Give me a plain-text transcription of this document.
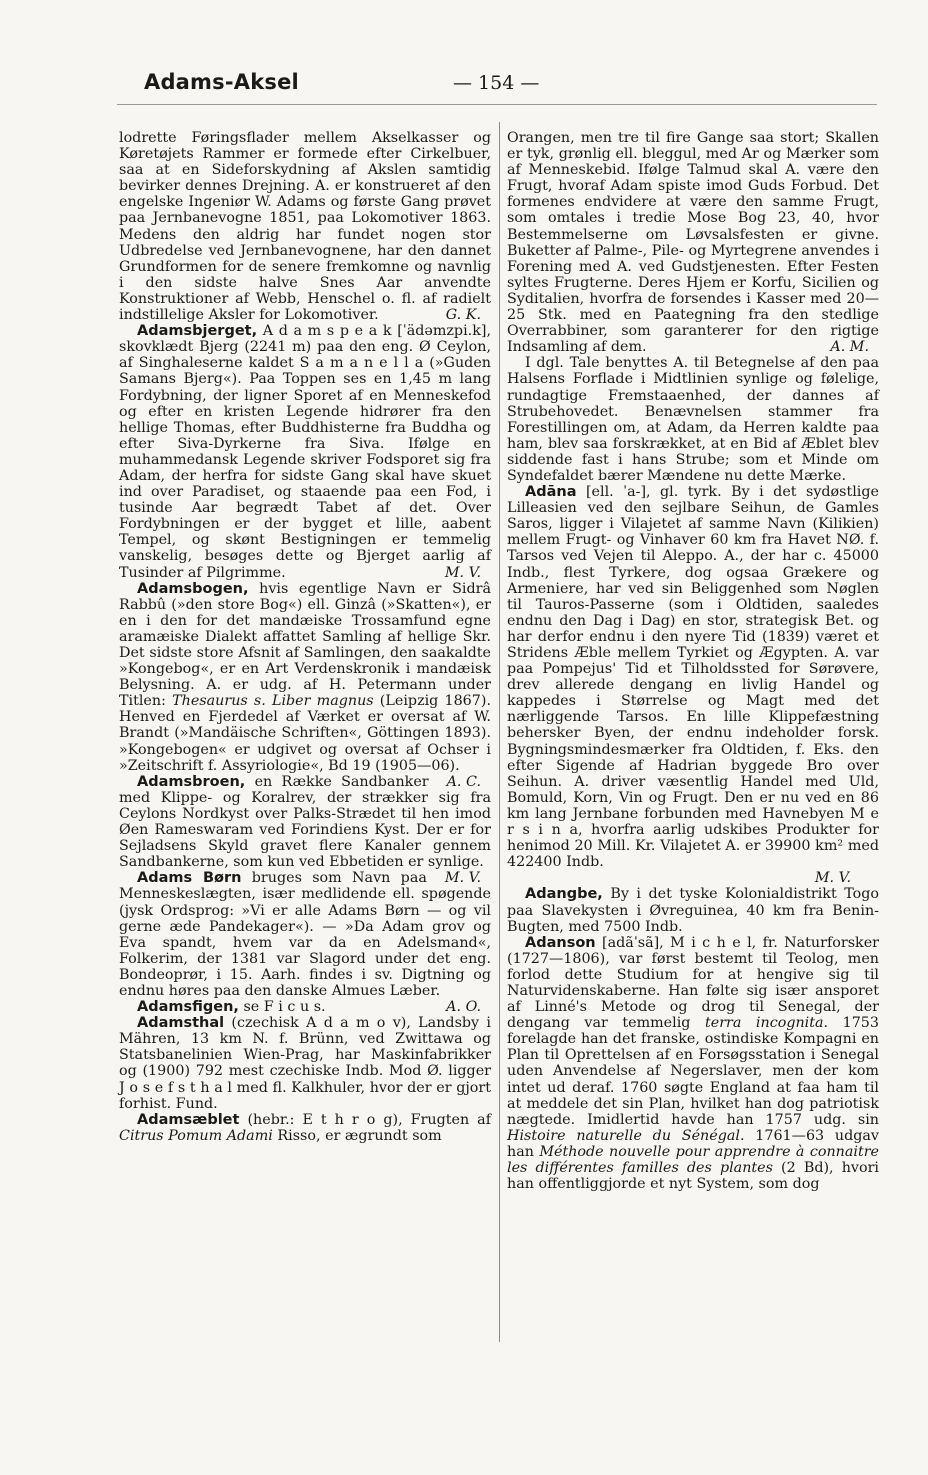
Adams-Aksel	— 154 —

lodrette Føringsflader mellem Akselkasser og Køretøjets Rammer er formede efter Cirkelbuer, saa at en Sideforskydning af Akslen samtidig bevirker dennes Drejning. A. er konstrueret af den engelske Ingeniør W. Adams og første Gang prøvet paa Jernbanevogne 1851, paa Lokomotiver 1863. Medens den aldrig har fundet nogen stor Udbredelse ved Jernbanevognene, har den dannet Grundformen for de senere fremkomne og navnlig i den sidste halve Snes Aar anvendte Konstruktioner af Webb, Henschel o. fl. af radielt indstillelige Aksler for Lokomotiver.	G. K.

Adamsbjerget, A d a m s p e a k [ˈädəmzpi.k], skovklædt Bjerg (2241 m) paa den eng. Ø Ceylon, af Singhaleserne kaldet S a m a n e l l a (»Guden Samans Bjerg«). Paa Toppen ses en 1,45 m lang Fordybning, der ligner Sporet af en Menneskefod og efter en kristen Legende hidrører fra den hellige Thomas, efter Buddhisterne fra Buddha og efter Siva-Dyrkerne fra Siva. Ifølge en muhammedansk Legende skriver Fodsporet sig fra Adam, der herfra for sidste Gang skal have skuet ind over Paradiset, og staaende paa een Fod, i tusinde Aar begrædt Tabet af det. Over Fordybningen er der bygget et lille, aabent Tempel, og skønt Bestigningen er temmelig vanskelig, besøges dette og Bjerget aarlig af Tusinder af Pilgrimme.	M. V.

Adamsbogen, hvis egentlige Navn er Sidrâ Rabbû (»den store Bog«) ell. Ginzâ (»Skatten«), er en i den for det mandæiske Trossamfund egne aramæiske Dialekt affattet Samling af hellige Skr. Det sidste store Afsnit af Samlingen, den saakaldte »Kongebog«, er en Art Verdenskronik i mandæisk Belysning. A. er udg. af H. Petermann under Titlen: Thesaurus s. Liber magnus (Leipzig 1867). Henved en Fjerdedel af Værket er oversat af W. Brandt (»Mandäische Schriften«, Göttingen 1893). »Kongebogen« er udgivet og oversat af Ochser i »Zeitschrift f. Assyriologie«, Bd 19 (1905—06).
A. C.

Adamsbroen, en Række Sandbanker med Klippe- og Koralrev, der strækker sig fra Ceylons Nordkyst over Palks-Strædet til hen imod Øen Rameswaram ved Forindiens Kyst. Der er for Sejladsens Skyld gravet flere Kanaler gennem Sandbankerne, som kun ved Ebbetiden er synlige.
M. V.

Adams Børn bruges som Navn paa Menneskeslægten, især medlidende ell. spøgende (jysk Ordsprog: »Vi er alle Adams Børn — og vil gerne æde Pandekager«). — »Da Adam grov og Eva spandt, hvem var da en Adelsmand«, Folkerim, der 1381 var Slagord under det eng. Bondeoprør, i 15. Aarh. findes i sv. Digtning og endnu høres paa den danske Almues Læber.
A. O.

Adamsfigen, se F i c u s.

Adamsthal (czechisk A d a m o v), Landsby i Mähren, 13 km N. f. Brünn, ved Zwittawa og Statsbanelinien Wien-Prag, har Maskinfabrikker og (1900) 792 mest czechiske Indb. Mod Ø. ligger J o s e f s t h a l med fl. Kalkhuler, hvor der er gjort forhist. Fund.

Adamsæblet (hebr.: E t h r o g), Frugten af Citrus Pomum Adami Risso, er ægrundt som

Orangen, men tre til fire Gange saa stort; Skallen er tyk, grønlig ell. bleggul, med Ar og Mærker som af Menneskebid. Ifølge Talmud skal A. være den Frugt, hvoraf Adam spiste imod Guds Forbud. Det formenes endvidere at være den samme Frugt, som omtales i tredie Mose Bog 23, 40, hvor Bestemmelserne om Løvsalsfesten er givne. Buketter af Palme-, Pile- og Myrtegrene anvendes i Forening med A. ved Gudstjenesten. Efter Festen syltes Frugterne. Deres Hjem er Korfu, Sicilien og Syditalien, hvorfra de forsendes i Kasser med 20—25 Stk. med en Paategning fra den stedlige Overrabbiner, som garanterer for den rigtige Indsamling af dem.	A. M.

I dgl. Tale benyttes A. til Betegnelse af den paa Halsens Forflade i Midtlinien synlige og følelige, rundagtige Fremstaaenhed, der dannes af Strubehovedet. Benævnelsen stammer fra Forestillingen om, at Adam, da Herren kaldte paa ham, blev saa forskrækket, at en Bid af Æblet blev siddende fast i hans Strube; som et Minde om Syndefaldet bærer Mændene nu dette Mærke.

Adāna [ell. ˈa-], gl. tyrk. By i det sydøstlige Lilleasien ved den sejlbare Seihun, de Gamles Saros, ligger i Vilajetet af samme Navn (Kilikien) mellem Frugt- og Vinhaver 60 km fra Havet NØ. f. Tarsos ved Vejen til Aleppo. A., der har c. 45000 Indb., flest Tyrkere, dog ogsaa Grækere og Armeniere, har ved sin Beliggenhed som Nøglen til Tauros-Passerne (som i Oldtiden, saaledes endnu den Dag i Dag) en stor, strategisk Bet. og har derfor endnu i den nyere Tid (1839) været et Stridens Æble mellem Tyrkiet og Ægypten. A. var paa Pompejus' Tid et Tilholdssted for Sørøvere, drev allerede dengang en livlig Handel og kappedes i Størrelse og Magt med det nærliggende Tarsos. En lille Klippefæstning behersker Byen, der endnu indeholder forsk. Bygningsmindesmærker fra Oldtiden, f. Eks. den efter Sigende af Hadrian byggede Bro over Seihun. A. driver væsentlig Handel med Uld, Bomuld, Korn, Vin og Frugt. Den er nu ved en 86 km lang Jernbane forbunden med Havnebyen M e r s i n a, hvorfra aarlig udskibes Produkter for henimod 20 Mill. Kr. Vilajetet A. er 39900 km² med 422400 Indb.

M. V.

Adangbe, By i det tyske Kolonialdistrikt Togo paa Slavekysten i Øvreguinea, 40 km fra Benin-Bugten, med 7500 Indb.

Adanson [adãˈsã], M i c h e l, fr. Naturforsker (1727—1806), var først bestemt til Teolog, men forlod dette Studium for at hengive sig til Naturvidenskaberne. Han følte sig især ansporet af Linné's Metode og drog til Senegal, der dengang var temmelig terra incognita. 1753 forelagde han det franske, ostindiske Kompagni en Plan til Oprettelsen af en Forsøgsstation i Senegal uden Anvendelse af Negerslaver, men der kom intet ud deraf. 1760 søgte England at faa ham til at meddele det sin Plan, hvilket han dog patriotisk nægtede. Imidlertid havde han 1757 udg. sin Histoire naturelle du Sénégal. 1761—63 udgav han Méthode nouvelle pour apprendre à connaitre les différentes familles des plantes (2 Bd), hvori han offentliggjorde et nyt System, som dog
